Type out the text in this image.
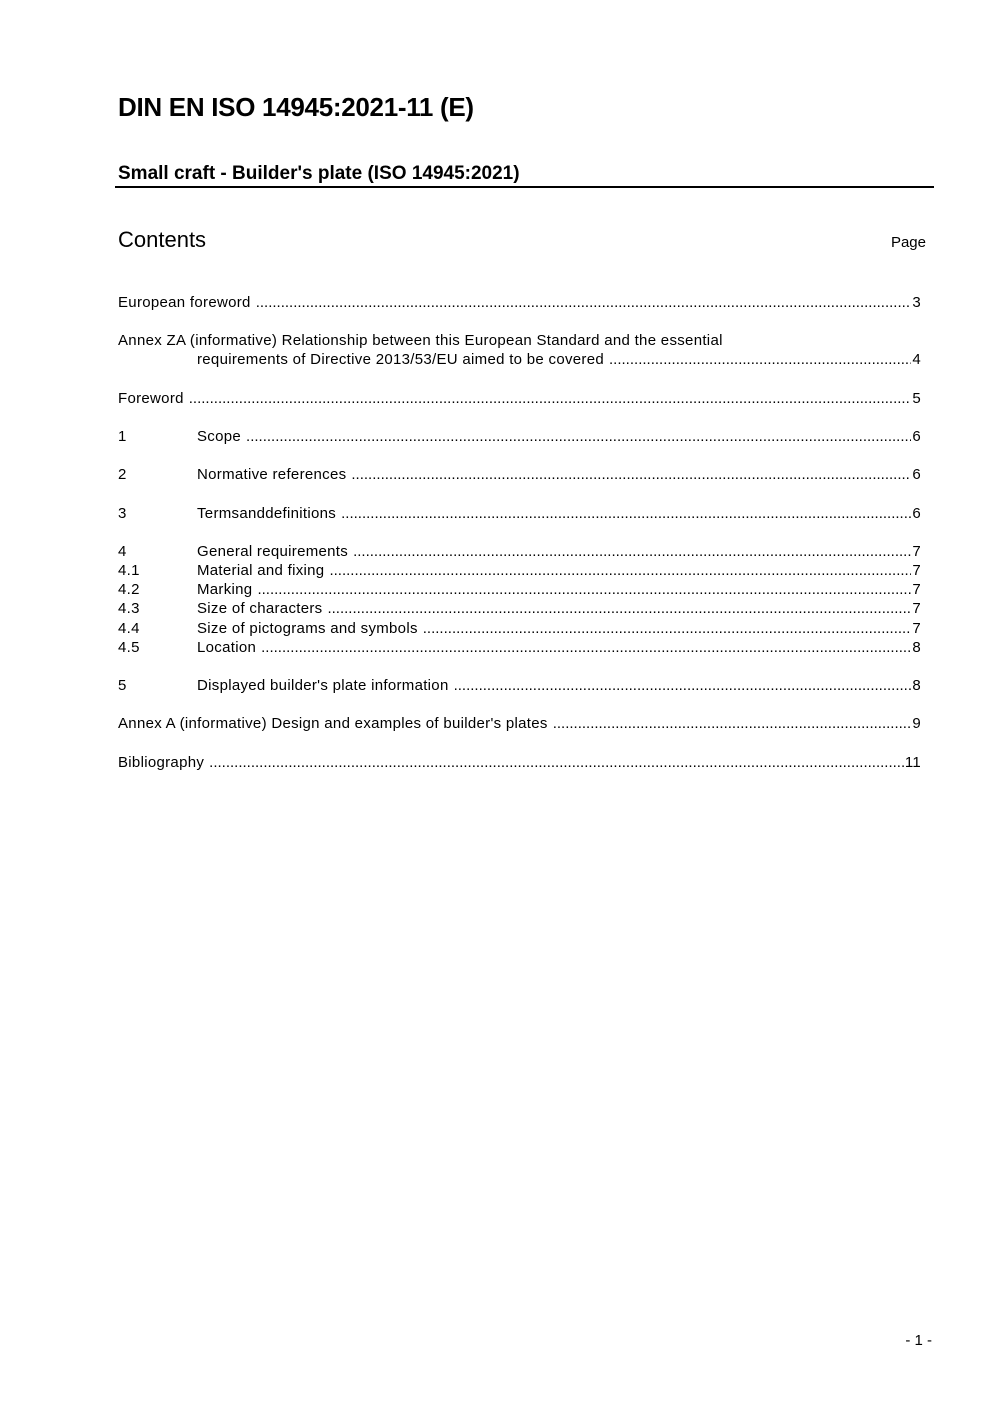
DIN EN ISO 14945:2021-11 (E)
Small craft - Builder's plate (ISO 14945:2021)
Contents	Page
European foreword .....	3
Annex ZA (informative) Relationship between this European Standard and the essential
requirements of Directive 2013/53/EU aimed to be covered .....	4
Foreword .....	5
1	Scope .....	6
2	Normative references .....	6
3	Termsanddefinitions .....	6
4	General requirements .....	7
4.1	Material and fixing .....	7
4.2	Marking .....	7
4.3	Size of characters .....	7
4.4	Size of pictograms and symbols .....	7
4.5	Location .....	8
5	Displayed builder's plate information .....	8
Annex A (informative) Design and examples of builder's plates .....	9
Bibliography .....	11
- 1 -
